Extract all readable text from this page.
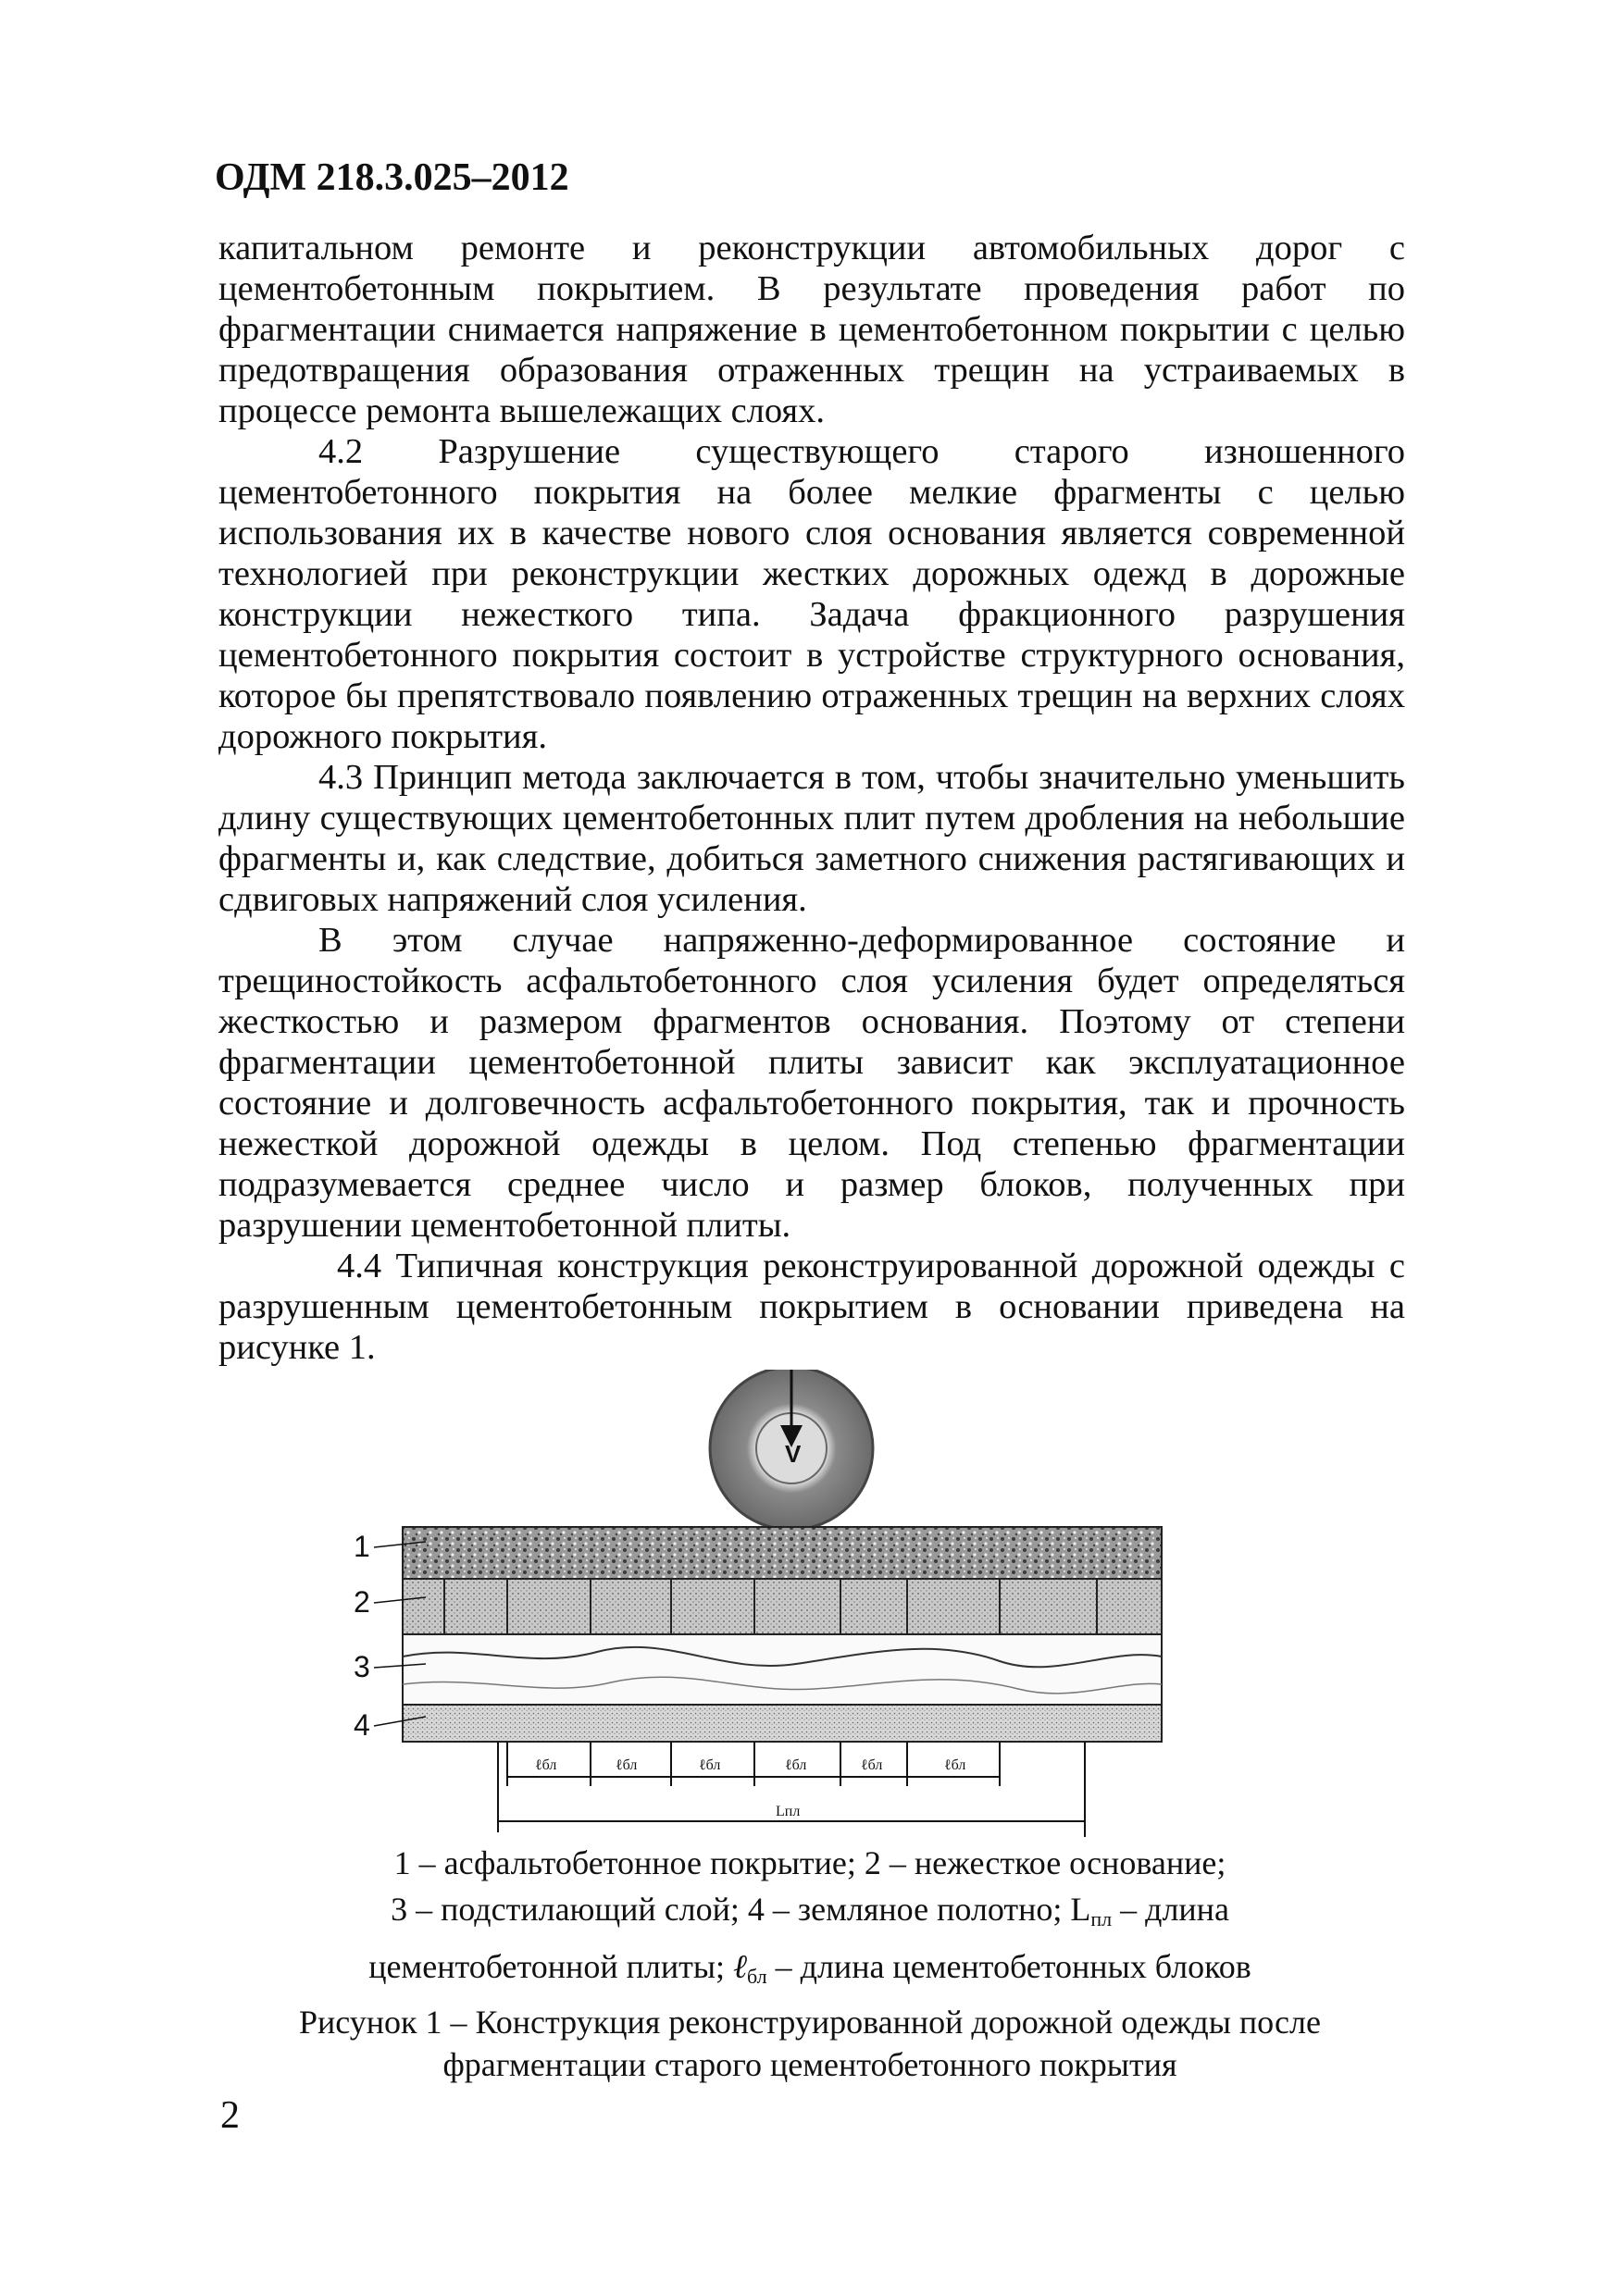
ОДМ 218.3.025–2012

капитальном ремонте и реконструкции автомобильных дорог с цементобетонным покрытием. В результате проведения работ по фрагментации снимается напряжение в цементобетонном покрытии с целью предотвращения образования отраженных трещин на устраиваемых в процессе ремонта вышележащих слоях.

4.2 Разрушение существующего старого изношенного цементобетонного покрытия на более мелкие фрагменты с целью использования их в качестве нового слоя основания является современной технологией при реконструкции жестких дорожных одежд в дорожные конструкции нежесткого типа. Задача фракционного разрушения цементобетонного покрытия состоит в устройстве структурного основания, которое бы препятствовало появлению отраженных трещин на верхних слоях дорожного покрытия.

4.3 Принцип метода заключается в том, чтобы значительно уменьшить длину существующих цементобетонных плит путем дробления на небольшие фрагменты и, как следствие, добиться заметного снижения растягивающих и сдвиговых напряжений слоя усиления.

В этом случае напряженно-деформированное состояние и трещиностойкость асфальтобетонного слоя усиления будет определяться жесткостью и размером фрагментов основания. Поэтому от степени фрагментации цементобетонной плиты зависит как эксплуатационное состояние и долговечность асфальтобетонного покрытия, так и прочность нежесткой дорожной одежды в целом. Под степенью фрагментации подразумевается среднее число и размер блоков, полученных при разрушении цементобетонной плиты.

4.4 Типичная конструкция реконструированной дорожной одежды с разрушенным цементобетонным покрытием в основании приведена на рисунке 1.

V
1
2
3
4
ℓбл	ℓбл	ℓбл	ℓбл	ℓбл	ℓбл
Lпл

1 – асфальтобетонное покрытие; 2 – нежесткое основание;

3 – подстилающий слой; 4 – земляное полотно; $L_{пл}$ – длина

цементобетонной плиты; ℓ$_{бл}$ – длина цементобетонных блоков

Рисунок 1 – Конструкция реконструированной дорожной одежды после

фрагментации старого цементобетонного покрытия

2
